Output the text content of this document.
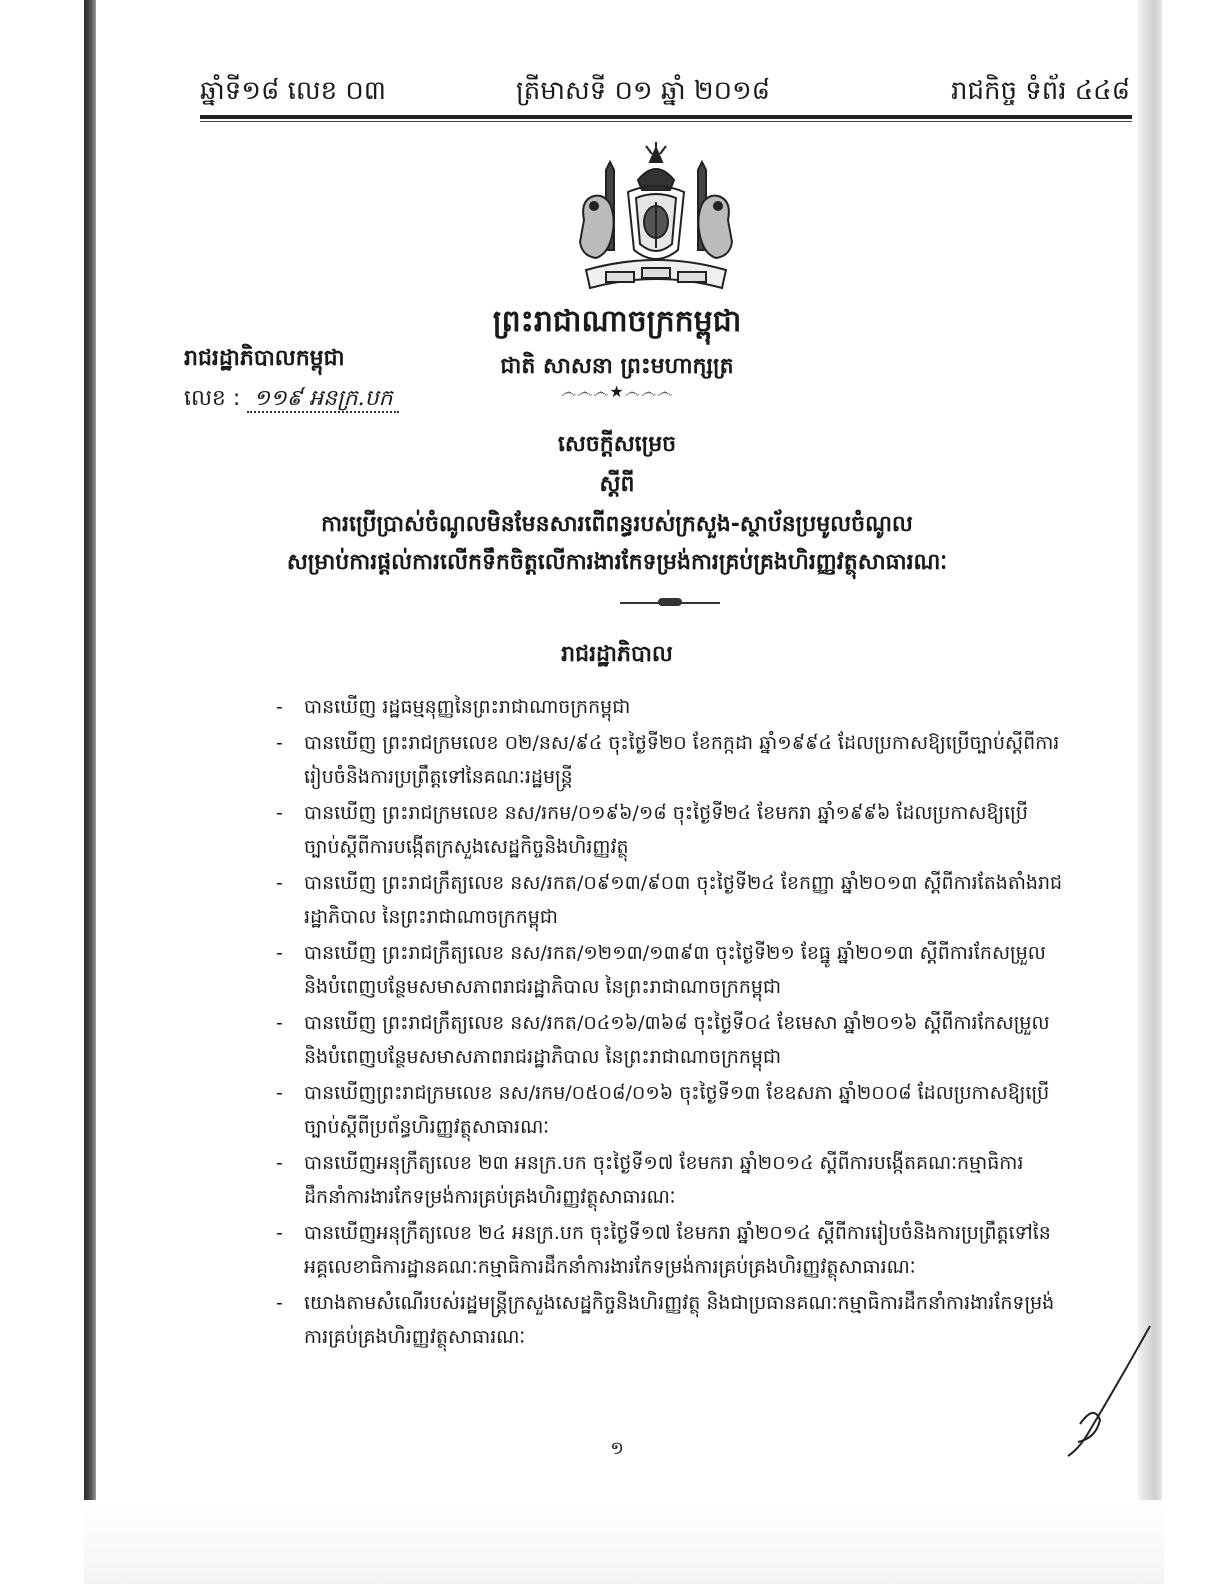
ឆ្នាំទី១៨ លេខ ០៣	ត្រីមាសទី ០១ ឆ្នាំ ២០១៨	រាជកិច្ច ទំព័រ ៤៤៨
ព្រះរាជាណាចក្រកម្ពុជា
ជាតិ សាសនា ព្រះមហាក្សត្រ
෴෴෴★෴෴෴
រាជរដ្ឋាភិបាលកម្ពុជា
លេខ : ១១៩ អនក្រ.បក
សេចក្តីសម្រេច
ស្តីពី
ការប្រើប្រាស់ចំណូលមិនមែនសារពើពន្ធរបស់ក្រសួង-ស្ថាប័នប្រមូលចំណូល
សម្រាប់ការផ្តល់ការលើកទឹកចិត្តលើការងារកែទម្រង់ការគ្រប់គ្រងហិរញ្ញវត្ថុសាធារណៈ
រាជរដ្ឋាភិបាល
- បានឃើញ រដ្ឋធម្មនុញ្ញនៃព្រះរាជាណាចក្រកម្ពុជា
- បានឃើញ ព្រះរាជក្រមលេខ ០២/នស/៩៤ ចុះថ្ងៃទី២០ ខែកក្កដា ឆ្នាំ១៩៩៤ ដែលប្រកាសឱ្យប្រើច្បាប់ស្តីពីការ
រៀបចំនិងការប្រព្រឹត្តទៅនៃគណៈរដ្ឋមន្ត្រី
- បានឃើញ ព្រះរាជក្រមលេខ នស/រកម/០១៩៦/១៨ ចុះថ្ងៃទី២៤ ខែមករា ឆ្នាំ១៩៩៦ ដែលប្រកាសឱ្យប្រើ
ច្បាប់ស្តីពីការបង្កើតក្រសួងសេដ្ឋកិច្ចនិងហិរញ្ញវត្ថុ
- បានឃើញ ព្រះរាជក្រឹត្យលេខ នស/រកត/០៩១៣/៩០៣ ចុះថ្ងៃទី២៤ ខែកញ្ញា ឆ្នាំ២០១៣ ស្តីពីការតែងតាំងរាជ
រដ្ឋាភិបាល នៃព្រះរាជាណាចក្រកម្ពុជា
- បានឃើញ ព្រះរាជក្រឹត្យលេខ នស/រកត/១២១៣/១៣៩៣ ចុះថ្ងៃទី២១ ខែធ្នូ ឆ្នាំ២០១៣ ស្តីពីការកែសម្រួល
និងបំពេញបន្ថែមសមាសភាពរាជរដ្ឋាភិបាល នៃព្រះរាជាណាចក្រកម្ពុជា
- បានឃើញ ព្រះរាជក្រឹត្យលេខ នស/រកត/០៤១៦/៣៦៨ ចុះថ្ងៃទី០៤ ខែមេសា ឆ្នាំ២០១៦ ស្តីពីការកែសម្រួល
និងបំពេញបន្ថែមសមាសភាពរាជរដ្ឋាភិបាល នៃព្រះរាជាណាចក្រកម្ពុជា
- បានឃើញព្រះរាជក្រមលេខ នស/រកម/០៥០៨/០១៦ ចុះថ្ងៃទី១៣ ខែឧសភា ឆ្នាំ២០០៨ ដែលប្រកាសឱ្យប្រើ
ច្បាប់ស្តីពីប្រព័ន្ធហិរញ្ញវត្ថុសាធារណៈ
- បានឃើញអនុក្រឹត្យលេខ ២៣ អនក្រ.បក ចុះថ្ងៃទី១៧ ខែមករា ឆ្នាំ២០១៤ ស្តីពីការបង្កើតគណៈកម្មាធិការ
ដឹកនាំការងារកែទម្រង់ការគ្រប់គ្រងហិរញ្ញវត្ថុសាធារណៈ
- បានឃើញអនុក្រឹត្យលេខ ២៤ អនក្រ.បក ចុះថ្ងៃទី១៧ ខែមករា ឆ្នាំ២០១៤ ស្តីពីការរៀបចំនិងការប្រព្រឹត្តទៅនៃ
អគ្គលេខាធិការដ្ឋានគណៈកម្មាធិការដឹកនាំការងារកែទម្រង់ការគ្រប់គ្រងហិរញ្ញវត្ថុសាធារណៈ
- យោងតាមសំណើរបស់រដ្ឋមន្ត្រីក្រសួងសេដ្ឋកិច្ចនិងហិរញ្ញវត្ថុ និងជាប្រធានគណៈកម្មាធិការដឹកនាំការងារកែទម្រង់
ការគ្រប់គ្រងហិរញ្ញវត្ថុសាធារណៈ
១
